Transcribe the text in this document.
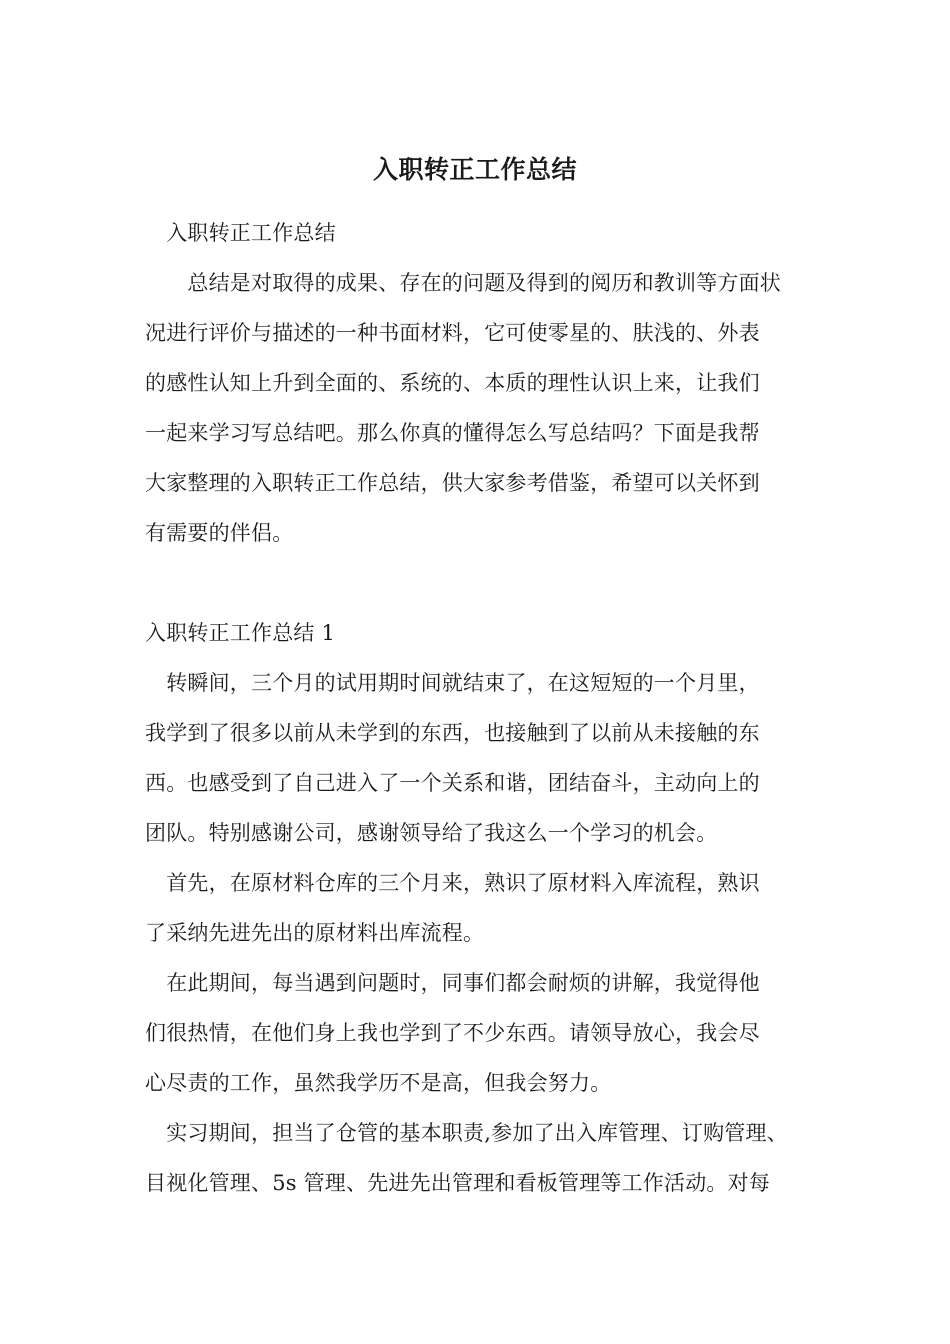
入职转正工作总结
　入职转正工作总结
　　总结是对取得的成果、存在的问题及得到的阅历和教训等方面状
况进行评价与描述的一种书面材料，它可使零星的、肤浅的、外表
的感性认知上升到全面的、系统的、本质的理性认识上来，让我们
一起来学习写总结吧。那么你真的懂得怎么写总结吗？下面是我帮
大家整理的入职转正工作总结，供大家参考借鉴，希望可以关怀到
有需要的伴侣。
入职转正工作总结 1
　转瞬间，三个月的试用期时间就结束了，在这短短的一个月里，
我学到了很多以前从未学到的东西，也接触到了以前从未接触的东
西。也感受到了自己进入了一个关系和谐，团结奋斗，主动向上的
团队。特别感谢公司，感谢领导给了我这么一个学习的机会。
　首先，在原材料仓库的三个月来，熟识了原材料入库流程，熟识
了采纳先进先出的原材料出库流程。
　在此期间，每当遇到问题时，同事们都会耐烦的讲解，我觉得他
们很热情，在他们身上我也学到了不少东西。请领导放心，我会尽
心尽责的工作，虽然我学历不是高，但我会努力。
　实习期间，担当了仓管的基本职责,参加了出入库管理、订购管理、
目视化管理、5s 管理、先进先出管理和看板管理等工作活动。对每
